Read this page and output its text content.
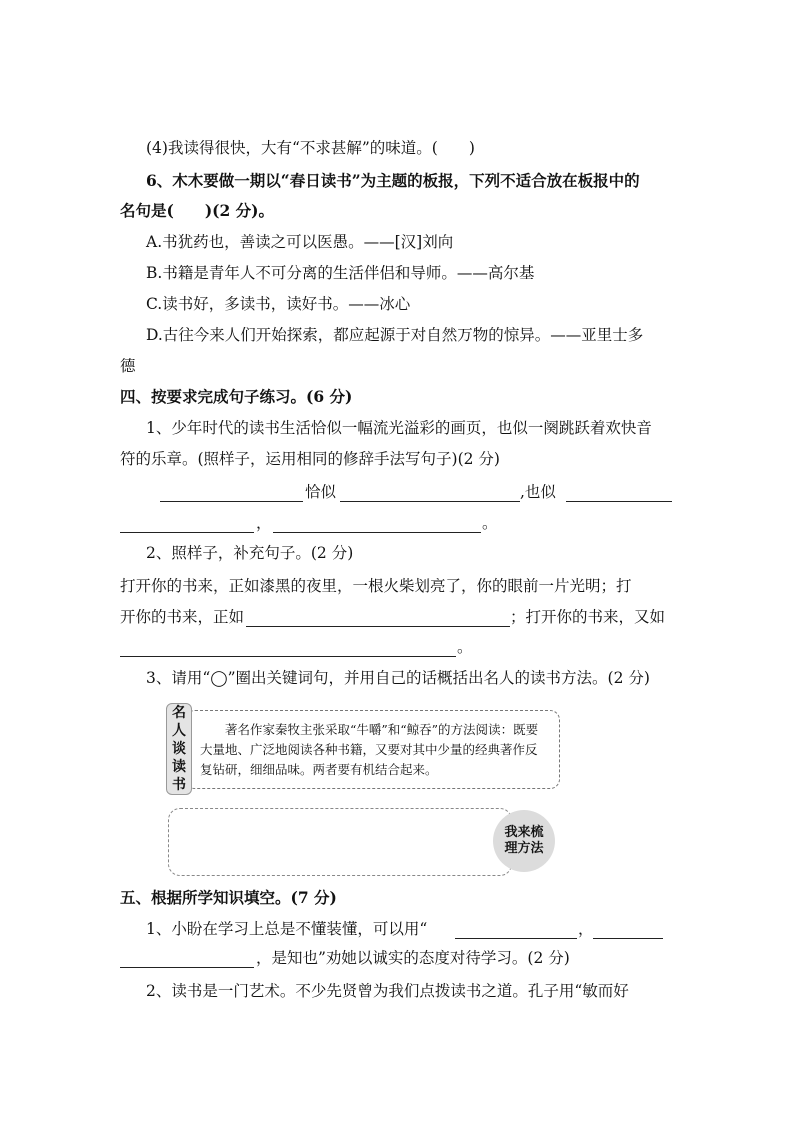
(4)我读得很快，大有“不求甚解”的味道。(　　)
6、木木要做一期以“春日读书”为主题的板报，下列不适合放在板报中的
名句是(　　)(2 分)。
A.书犹药也，善读之可以医愚。——[汉]刘向
B.书籍是青年人不可分离的生活伴侣和导师。——高尔基
C.读书好，多读书，读好书。——冰心
D.古往今来人们开始探索，都应起源于对自然万物的惊异。——亚里士多
德
四、按要求完成句子练习。(6 分)
1、少年时代的读书生活恰似一幅流光溢彩的画页，也似一阕跳跃着欢快音
符的乐章。(照样子，运用相同的修辞手法写句子)(2 分)
恰似	,也似
，	。
2、照样子，补充句子。(2 分)
打开你的书来，正如漆黑的夜里，一根火柴划亮了，你的眼前一片光明；打
开你的书来，正如	；打开你的书来，又如
。
3、请用“◯”圈出关键词句，并用自己的话概括出名人的读书方法。(2 分)
　　著名作家秦牧主张采取“牛嚼”和“鲸吞”的方法阅读：既要大量地、广泛地阅读各种书籍，又要对其中少量的经典著作反复钻研，细细品味。两者要有机结合起来。
名
人
谈
读
书
我来梳
理方法
五、根据所学知识填空。(7 分)
1、小盼在学习上总是不懂装懂，可以用“	，
，是知也”劝她以诚实的态度对待学习。(2 分)
2、读书是一门艺术。不少先贤曾为我们点拨读书之道。孔子用“敏而好
